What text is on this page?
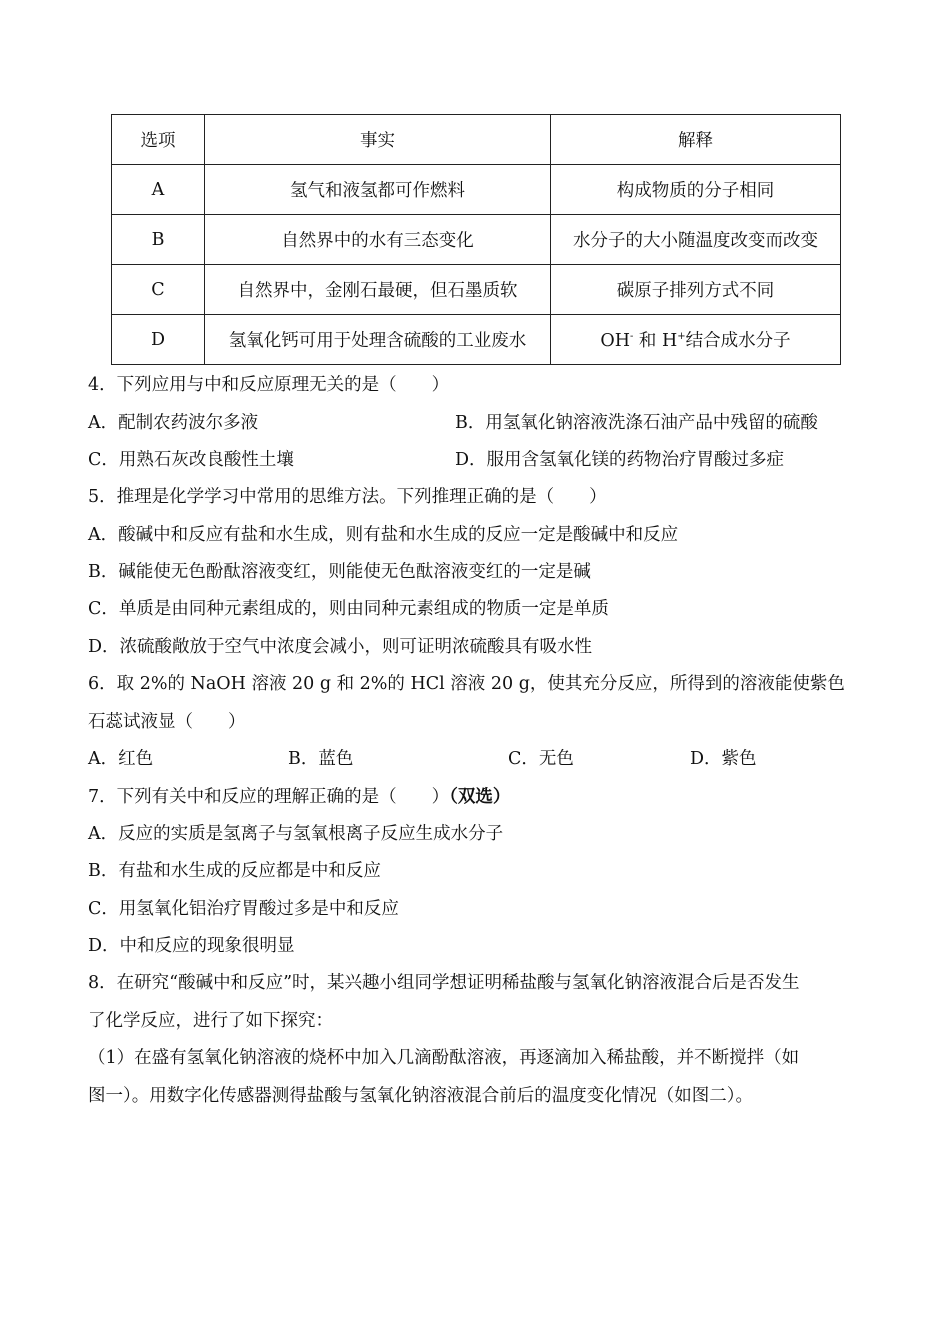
选项	事实	解释
A	氢气和液氢都可作燃料	构成物质的分子相同
B	自然界中的水有三态变化	水分子的大小随温度改变而改变
C	自然界中，金刚石最硬，但石墨质软	碳原子排列方式不同
D	氢氧化钙可用于处理含硫酸的工业废水	OH- 和 H+结合成水分子
4．下列应用与中和反应原理无关的是（　　）
A．配制农药波尔多液	B．用氢氧化钠溶液洗涤石油产品中残留的硫酸
C．用熟石灰改良酸性土壤	D．服用含氢氧化镁的药物治疗胃酸过多症
5．推理是化学学习中常用的思维方法。下列推理正确的是（　　）
A．酸碱中和反应有盐和水生成，则有盐和水生成的反应一定是酸碱中和反应
B．碱能使无色酚酞溶液变红，则能使无色酞溶液变红的一定是碱
C．单质是由同种元素组成的，则由同种元素组成的物质一定是单质
D．浓硫酸敞放于空气中浓度会减小，则可证明浓硫酸具有吸水性
6．取 2%的 NaOH 溶液 20 g 和 2%的 HCl 溶液 20 g，使其充分反应，所得到的溶液能使紫色
石蕊试液显（　　）
A．红色	B．蓝色	C．无色	D．紫色
7．下列有关中和反应的理解正确的是（　　）（双选）
A．反应的实质是氢离子与氢氧根离子反应生成水分子
B．有盐和水生成的反应都是中和反应
C．用氢氧化铝治疗胃酸过多是中和反应
D．中和反应的现象很明显
8．在研究“酸碱中和反应”时，某兴趣小组同学想证明稀盐酸与氢氧化钠溶液混合后是否发生
了化学反应，进行了如下探究：
（1）在盛有氢氧化钠溶液的烧杯中加入几滴酚酞溶液，再逐滴加入稀盐酸，并不断搅拌（如
图一）。用数字化传感器测得盐酸与氢氧化钠溶液混合前后的温度变化情况（如图二）。
